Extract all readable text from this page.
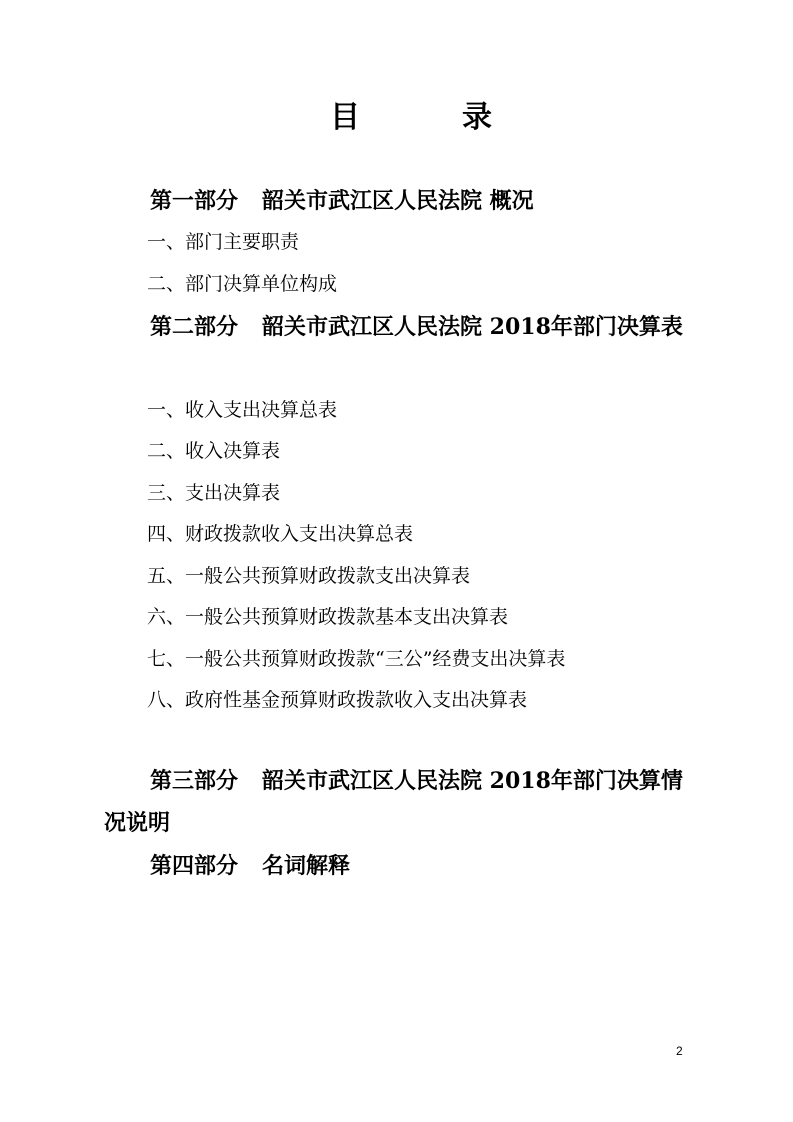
目	录

第一部分 韶关市武江区人民法院 概况

一、部门主要职责

二、部门决算单位构成

第二部分 韶关市武江区人民法院 2018年部门决算表

一、收入支出决算总表

二、收入决算表

三、支出决算表

四、财政拨款收入支出决算总表

五、一般公共预算财政拨款支出决算表

六、一般公共预算财政拨款基本支出决算表

七、一般公共预算财政拨款“三公”经费支出决算表

八、政府性基金预算财政拨款收入支出决算表

第三部分 韶关市武江区人民法院 2018年部门决算情况说明

第四部分 名词解释

2
